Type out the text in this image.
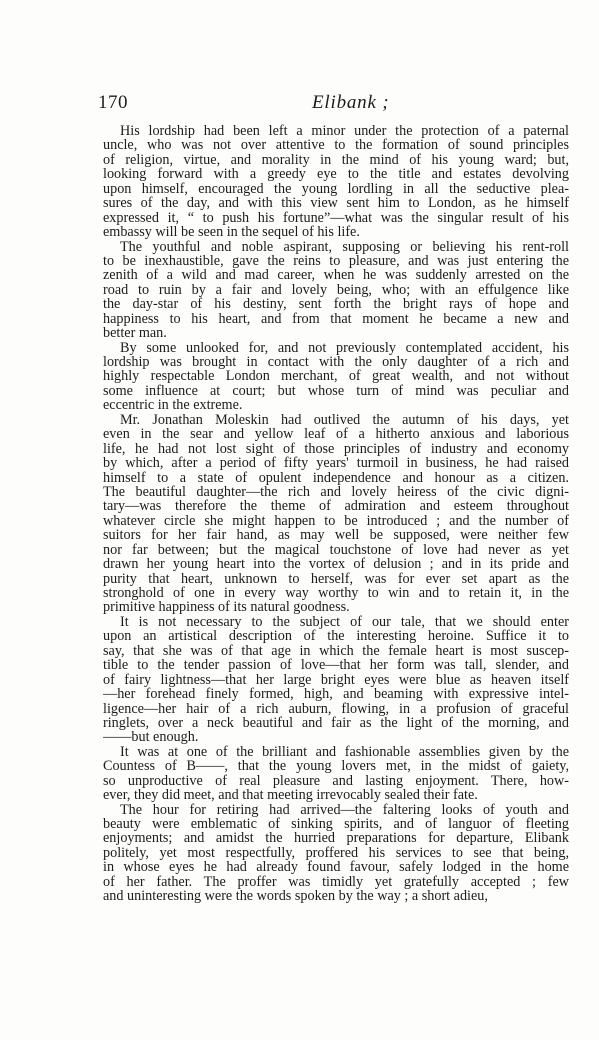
170	Elibank ;
His lordship had been left a minor under the protection of a paternal
uncle, who was not over attentive to the formation of sound principles
of religion, virtue, and morality in the mind of his young ward; but,
looking forward with a greedy eye to the title and estates devolving
upon himself, encouraged the young lordling in all the seductive plea-
sures of the day, and with this view sent him to London, as he himself
expressed it, “ to push his fortune”—what was the singular result of his
embassy will be seen in the sequel of his life.
The youthful and noble aspirant, supposing or believing his rent-roll
to be inexhaustible, gave the reins to pleasure, and was just entering the
zenith of a wild and mad career, when he was suddenly arrested on the
road to ruin by a fair and lovely being, who; with an effulgence like
the day-star of his destiny, sent forth the bright rays of hope and
happiness to his heart, and from that moment he became a new and
better man.
By some unlooked for, and not previously contemplated accident, his
lordship was brought in contact with the only daughter of a rich and
highly respectable London merchant, of great wealth, and not without
some influence at court; but whose turn of mind was peculiar and
eccentric in the extreme.
Mr. Jonathan Moleskin had outlived the autumn of his days, yet
even in the sear and yellow leaf of a hitherto anxious and laborious
life, he had not lost sight of those principles of industry and economy
by which, after a period of fifty years' turmoil in business, he had raised
himself to a state of opulent independence and honour as a citizen.
The beautiful daughter—the rich and lovely heiress of the civic digni-
tary—was therefore the theme of admiration and esteem throughout
whatever circle she might happen to be introduced ; and the number of
suitors for her fair hand, as may well be supposed, were neither few
nor far between; but the magical touchstone of love had never as yet
drawn her young heart into the vortex of delusion ; and in its pride and
purity that heart, unknown to herself, was for ever set apart as the
stronghold of one in every way worthy to win and to retain it, in the
primitive happiness of its natural goodness.
It is not necessary to the subject of our tale, that we should enter
upon an artistical description of the interesting heroine. Suffice it to
say, that she was of that age in which the female heart is most suscep-
tible to the tender passion of love—that her form was tall, slender, and
of fairy lightness—that her large bright eyes were blue as heaven itself
—her forehead finely formed, high, and beaming with expressive intel-
ligence—her hair of a rich auburn, flowing, in a profusion of graceful
ringlets, over a neck beautiful and fair as the light of the morning, and
——but enough.
It was at one of the brilliant and fashionable assemblies given by the
Countess of B——, that the young lovers met, in the midst of gaiety,
so unproductive of real pleasure and lasting enjoyment. There, how-
ever, they did meet, and that meeting irrevocably sealed their fate.
The hour for retiring had arrived—the faltering looks of youth and
beauty were emblematic of sinking spirits, and of languor of fleeting
enjoyments; and amidst the hurried preparations for departure, Elibank
politely, yet most respectfully, proffered his services to see that being,
in whose eyes he had already found favour, safely lodged in the home
of her father. The proffer was timidly yet gratefully accepted ; few
and uninteresting were the words spoken by the way ; a short adieu,
